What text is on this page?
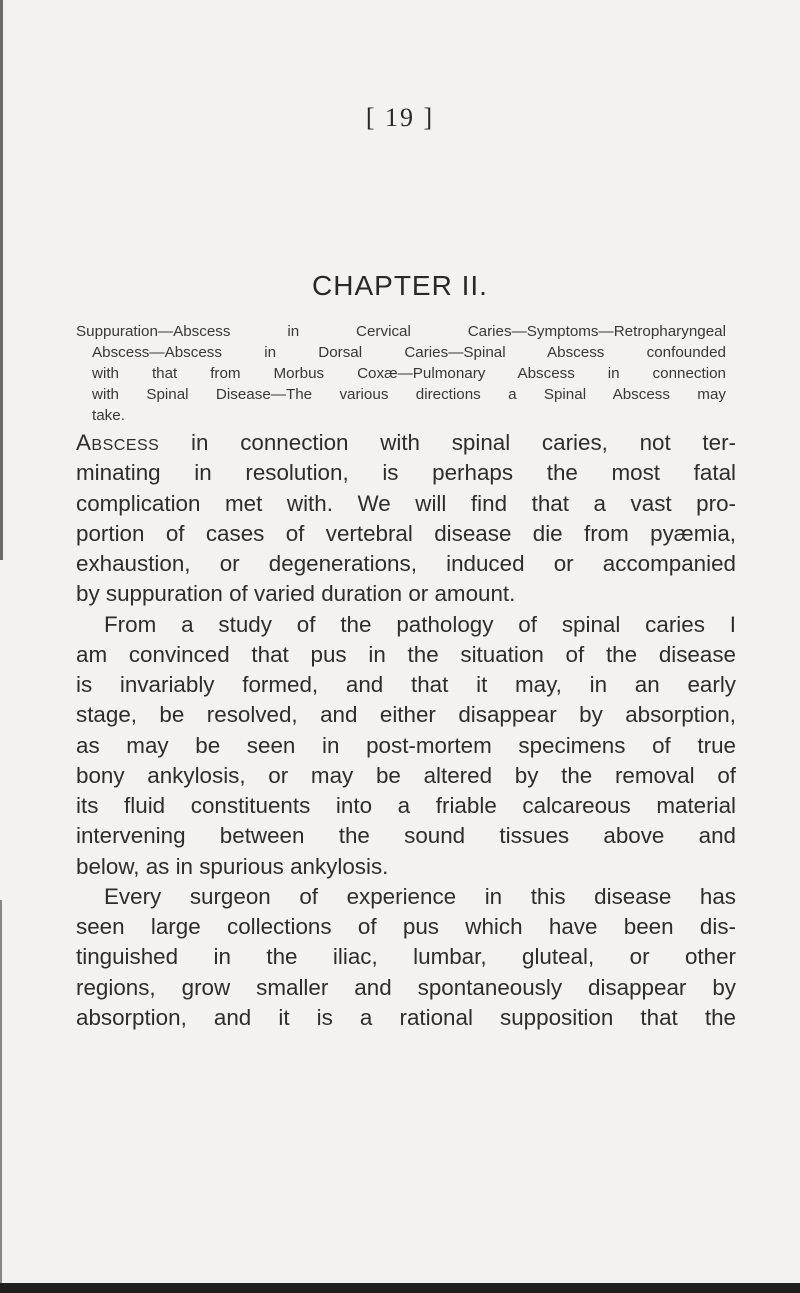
[ 19 ]
CHAPTER II.
Suppuration—Abscess in Cervical Caries—Symptoms—Retropharyngeal
Abscess—Abscess in Dorsal Caries—Spinal Abscess confounded
with that from Morbus Coxæ—Pulmonary Abscess in connection
with Spinal Disease—The various directions a Spinal Abscess may
take.
Abscess in connection with spinal caries, not ter-
minating in resolution, is perhaps the most fatal
complication met with. We will find that a vast pro-
portion of cases of vertebral disease die from pyæmia,
exhaustion, or degenerations, induced or accompanied
by suppuration of varied duration or amount.
From a study of the pathology of spinal caries I
am convinced that pus in the situation of the disease
is invariably formed, and that it may, in an early
stage, be resolved, and either disappear by absorption,
as may be seen in post-mortem specimens of true
bony ankylosis, or may be altered by the removal of
its fluid constituents into a friable calcareous material
intervening between the sound tissues above and
below, as in spurious ankylosis.
Every surgeon of experience in this disease has
seen large collections of pus which have been dis-
tinguished in the iliac, lumbar, gluteal, or other
regions, grow smaller and spontaneously disappear by
absorption, and it is a rational supposition that the
